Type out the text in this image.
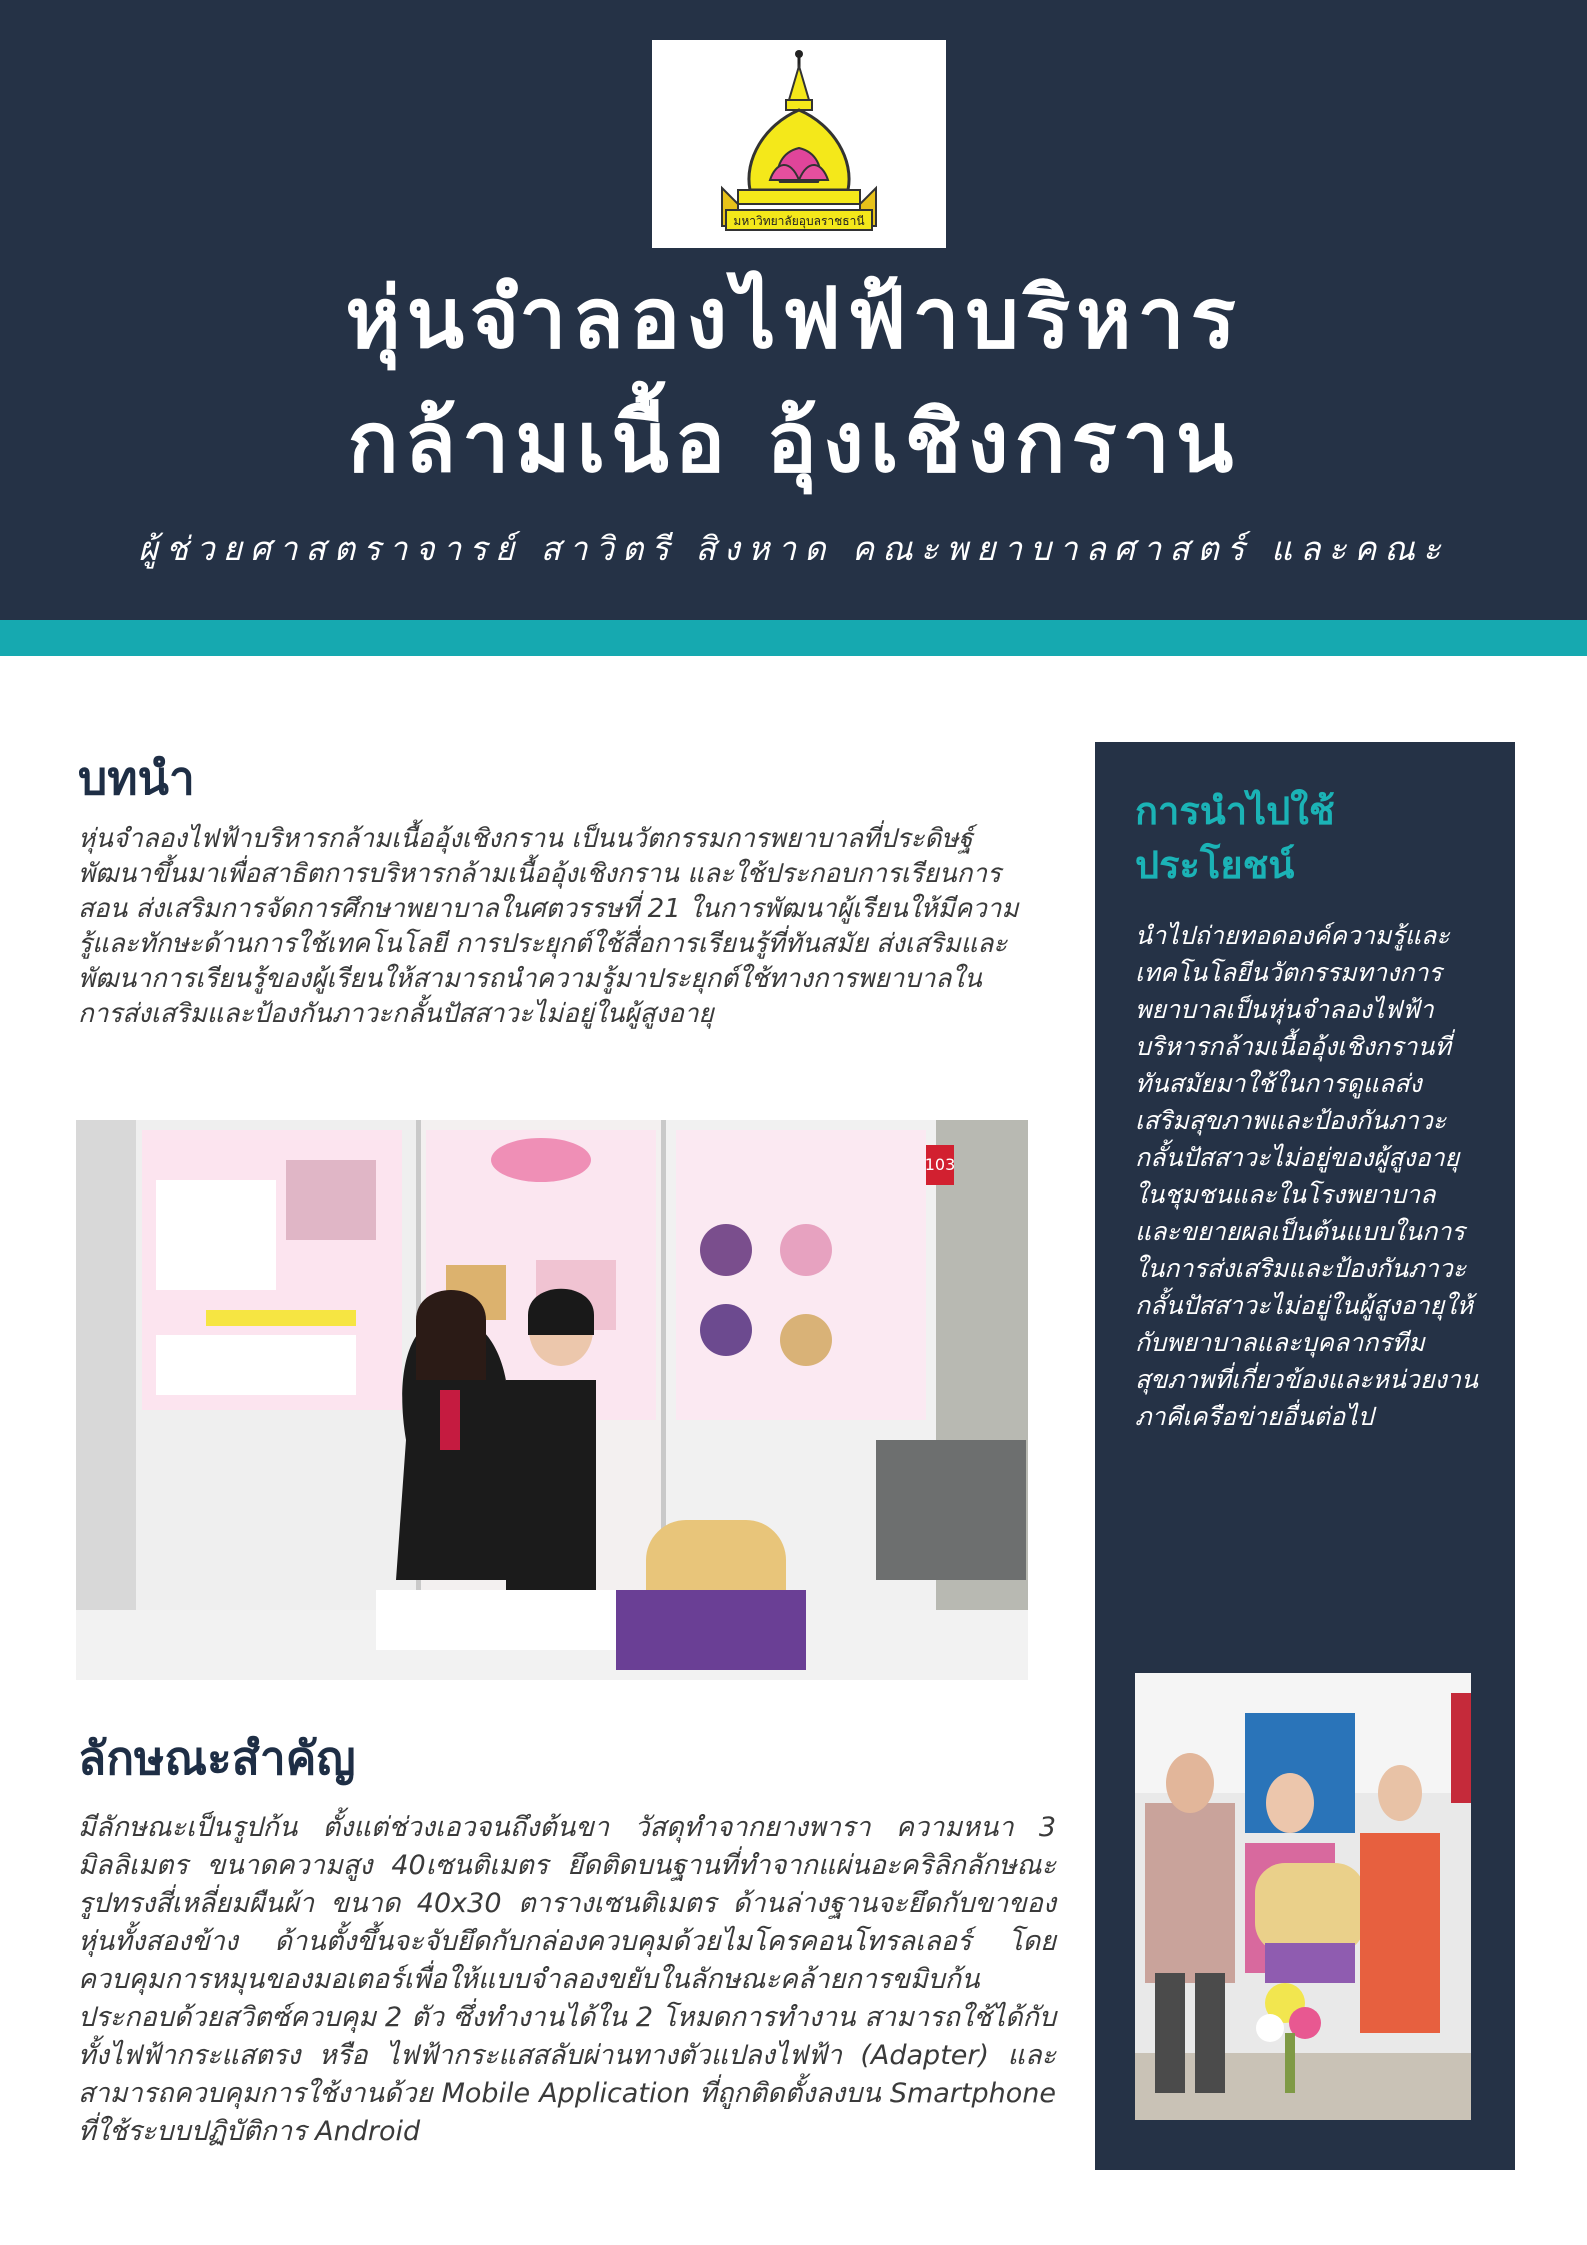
มหาวิทยาลัยอุบลราชธานี

หุ่นจำลองไฟฟ้าบริหาร

กล้ามเนื้อ อุ้งเชิงกราน

ผู้ช่วยศาสตราจารย์ สาวิตรี สิงหาด คณะพยาบาลศาสตร์ และคณะ

บทนำ

หุ่นจำลองไฟฟ้าบริหารกล้ามเนื้ออุ้งเชิงกราน เป็นนวัตกรรมการพยาบาลที่ประดิษฐ์พัฒนาขึ้นมาเพื่อสาธิตการบริหารกล้ามเนื้ออุ้งเชิงกราน และใช้ประกอบการเรียนการสอน ส่งเสริมการจัดการศึกษาพยาบาลในศตวรรษที่ 21 ในการพัฒนาผู้เรียนให้มีความรู้และทักษะด้านการใช้เทคโนโลยี การประยุกต์ใช้สื่อการเรียนรู้ที่ทันสมัย ส่งเสริมและพัฒนาการเรียนรู้ของผู้เรียนให้สามารถนำความรู้มาประยุกต์ใช้ทางการพยาบาลในการส่งเสริมและป้องกันภาวะกลั้นปัสสาวะไม่อยู่ในผู้สูงอายุ

103

ลักษณะสำคัญ

มีลักษณะเป็นรูปก้น ตั้งแต่ช่วงเอวจนถึงต้นขา วัสดุทำจากยางพารา ความหนา 3 มิลลิเมตร ขนาดความสูง 40เซนติเมตร ยึดติดบนฐานที่ทำจากแผ่นอะคริลิกลักษณะรูปทรงสี่เหลี่ยมผืนผ้า ขนาด 40x30 ตารางเซนติเมตร ด้านล่างฐานจะยึดกับขาของหุ่นทั้งสองข้าง ด้านตั้งขึ้นจะจับยึดกับกล่องควบคุมด้วยไมโครคอนโทรลเลอร์ โดยควบคุมการหมุนของมอเตอร์เพื่อให้แบบจำลองขยับในลักษณะคล้ายการขมิบก้น ประกอบด้วยสวิตซ์ควบคุม 2 ตัว ซึ่งทำงานได้ใน 2 โหมดการทำงาน สามารถใช้ได้กับทั้งไฟฟ้ากระแสตรง หรือ ไฟฟ้ากระแสสลับผ่านทางตัวแปลงไฟฟ้า (Adapter) และสามารถควบคุมการใช้งานด้วย Mobile Application ที่ถูกติดตั้งลงบน Smartphone ที่ใช้ระบบปฏิบัติการ Android

การนำไปใช้ประโยชน์

นำไปถ่ายทอดองค์ความรู้และเทคโนโลยีนวัตกรรมทางการพยาบาลเป็นหุ่นจำลองไฟฟ้าบริหารกล้ามเนื้ออุ้งเชิงกรานที่ทันสมัยมาใช้ในการดูแลส่งเสริมสุขภาพและป้องกันภาวะกลั้นปัสสาวะไม่อยู่ของผู้สูงอายุในชุมชนและในโรงพยาบาล และขยายผลเป็นต้นแบบในการในการส่งเสริมและป้องกันภาวะกลั้นปัสสาวะไม่อยู่ในผู้สูงอายุให้กับพยาบาลและบุคลากรทีมสุขภาพที่เกี่ยวข้องและหน่วยงานภาคีเครือข่ายอื่นต่อไป
